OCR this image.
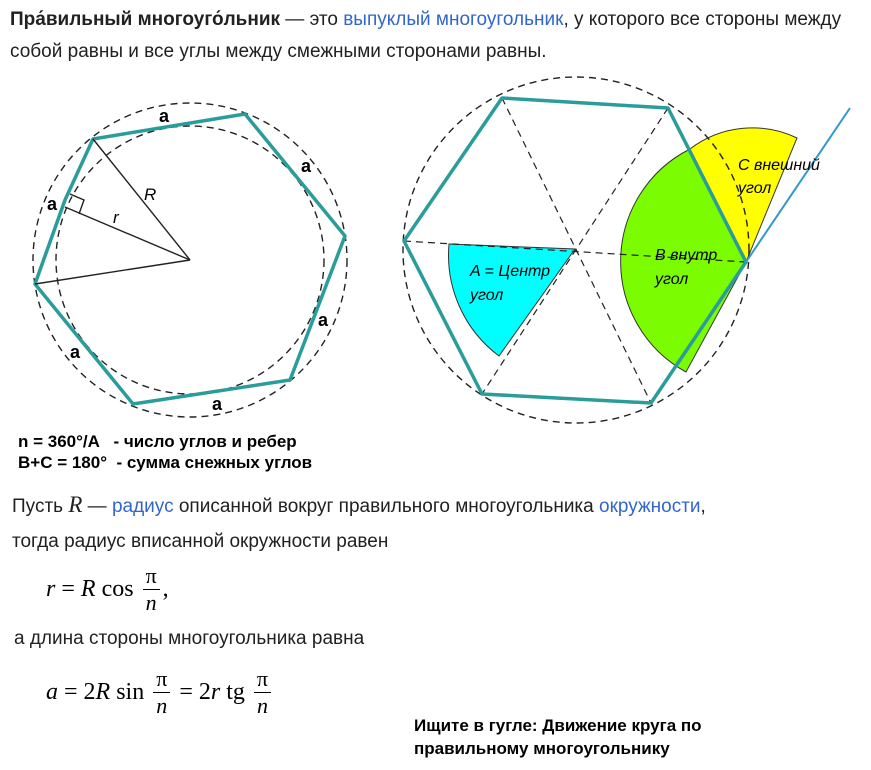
Пра́вильный многоуго́льник — это выпуклый многоугольник, у которого все стороны между собой равны и все углы между смежными сторонами равны.
a
a
a
a
a
a
R
r
A = Центр
угол
B внутр
угол
C внешний
угол
n = 360°/A   - число углов и ребер
B+C = 180°  - сумма снежных углов
Пусть R — радиус описанной вокруг правильного многоугольника окружности, тогда радиус вписанной окружности равен
r = R $\cos \frac{\pi}{n}$ ,
а длина стороны многоугольника равна
a = 2 R $\sin \frac{\pi}{n} = 2$ r tg $\frac{\pi}{n}$
Ищите в гугле: Движение круга по
правильному многоугольнику
